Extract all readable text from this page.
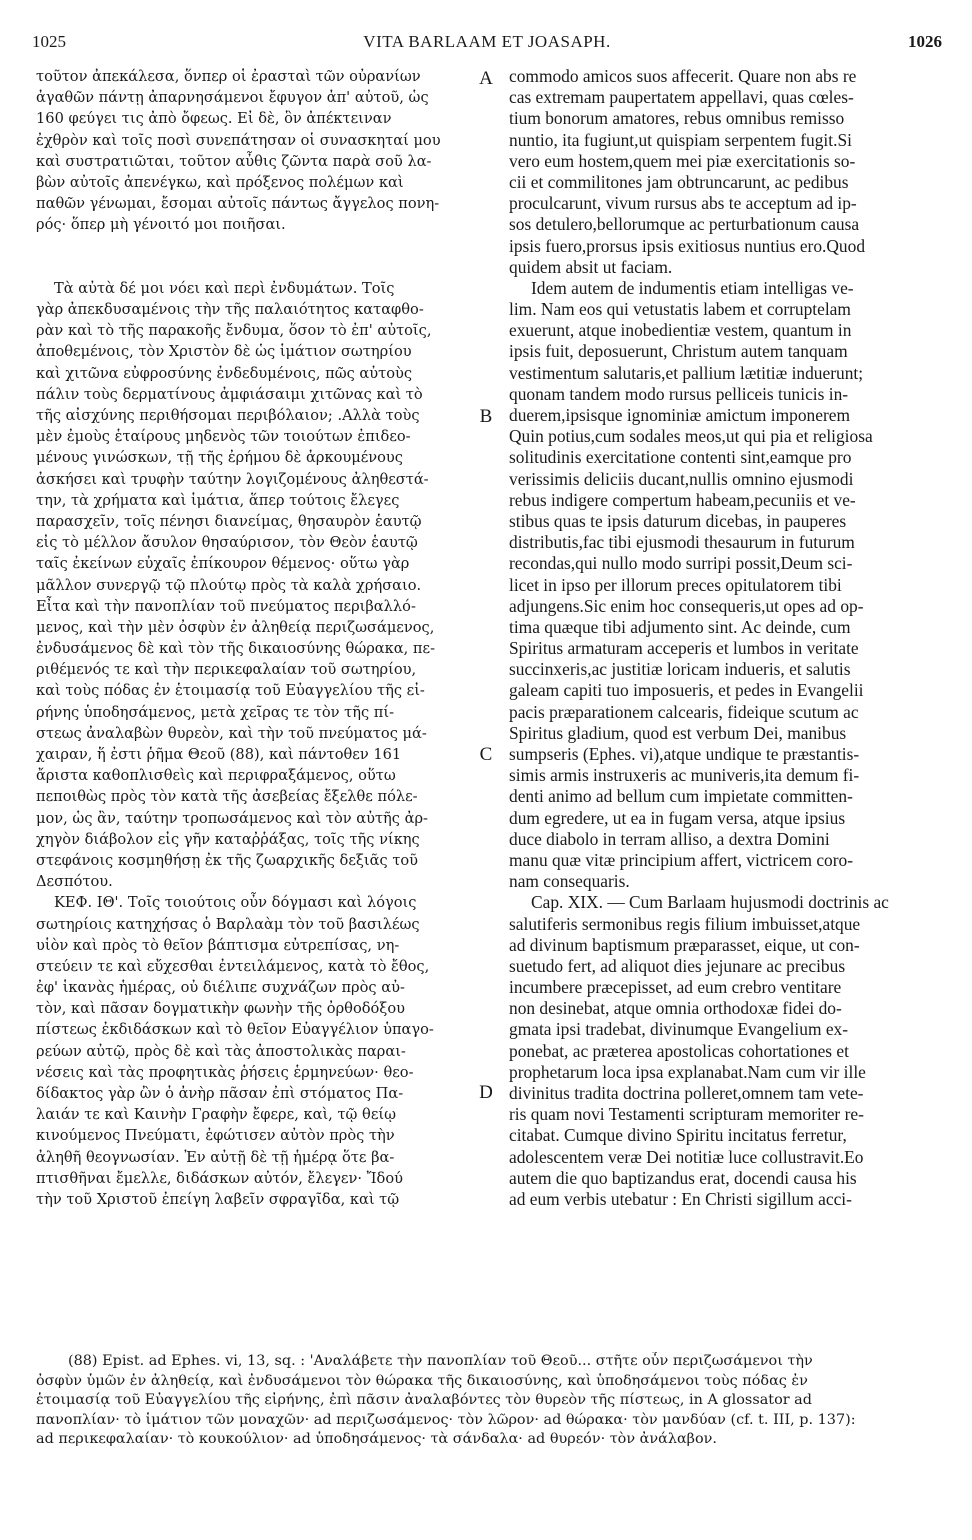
1025	VITA BARLAAM ET JOASAPH.	1026
τοῦτον ἀπεκάλεσα, ὅνπερ οἱ ἐρασταὶ τῶν οὐρανίων
ἀγαθῶν πάντῃ ἀπαρνησάμενοι ἔφυγον ἀπ' αὐτοῦ, ὡς
160 φεύγει τις ἀπὸ ὄφεως. Εἰ δὲ, ὃν ἀπέκτειναν
ἐχθρὸν καὶ τοῖς ποσὶ συνεπάτησαν οἱ συνασκηταί μου
καὶ συστρατιῶται, τοῦτον αὖθις ζῶντα παρὰ σοῦ λα-
βὼν αὐτοῖς ἀπενέγκω, καὶ πρόξενος πολέμων καὶ
παθῶν γένωμαι, ἔσομαι αὐτοῖς πάντως ἄγγελος πονη-
ρός· ὅπερ μὴ γένοιτό μοι ποιῆσαι.
Τὰ αὐτὰ δέ μοι νόει καὶ περὶ ἐνδυμάτων. Τοῖς
γὰρ ἀπεκδυσαμένοις τὴν τῆς παλαιότητος καταφθο-
ρὰν καὶ τὸ τῆς παρακοῆς ἔνδυμα, ὅσον τὸ ἐπ' αὐτοῖς,
ἀποθεμένοις, τὸν Χριστὸν δὲ ὡς ἱμάτιον σωτηρίου
καὶ χιτῶνα εὐφροσύνης ἐνδεδυμένοις, πῶς αὐτοὺς
πάλιν τοὺς δερματίνους ἀμφιάσαιμι χιτῶνας καὶ τὸ
τῆς αἰσχύνης περιθήσομαι περιβόλαιον; .Αλλὰ τοὺς
μὲν ἐμοὺς ἑταίρους μηδενὸς τῶν τοιούτων ἐπιδεο-
μένους γινώσκων, τῇ τῆς ἐρήμου δὲ ἀρκουμένους
ἀσκήσει καὶ τρυφὴν ταύτην λογιζομένους ἀληθεστά-
την, τὰ χρήματα καὶ ἱμάτια, ἅπερ τούτοις ἔλεγες
παρασχεῖν, τοῖς πένησι διανείμας, θησαυρὸν ἑαυτῷ
εἰς τὸ μέλλον ἄσυλον θησαύρισον, τὸν Θεὸν ἑαυτῷ
ταῖς ἐκείνων εὐχαῖς ἐπίκουρον θέμενος· οὕτω γὰρ
μᾶλλον συνεργῷ τῷ πλούτῳ πρὸς τὰ καλὰ χρήσαιο.
Εἶτα καὶ τὴν πανοπλίαν τοῦ πνεύματος περιβαλλό-
μενος, καὶ τὴν μὲν ὀσφὺν ἐν ἀληθείᾳ περιζωσάμενος,
ἐνδυσάμενος δὲ καὶ τὸν τῆς δικαιοσύνης θώρακα, πε-
ριθέμενός τε καὶ τὴν περικεφαλαίαν τοῦ σωτηρίου,
καὶ τοὺς πόδας ἐν ἑτοιμασίᾳ τοῦ Εὐαγγελίου τῆς εἰ-
ρήνης ὑποδησάμενος, μετὰ χεῖρας τε τὸν τῆς πί-
στεως ἀναλαβὼν θυρεὸν, καὶ τὴν τοῦ πνεύματος μά-
χαιραν, ἥ ἐστι ῥῆμα Θεοῦ (88), καὶ πάντοθεν 161
ἄριστα καθοπλισθεὶς καὶ περιφραξάμενος, οὕτω
πεποιθὼς πρὸς τὸν κατὰ τῆς ἀσεβείας ἔξελθε πόλε-
μον, ὡς ἂν, ταύτην τροπωσάμενος καὶ τὸν αὐτῆς ἀρ-
χηγὸν διάβολον εἰς γῆν καταῤῥάξας, τοῖς τῆς νίκης
στεφάνοις κοσμηθήσῃ ἐκ τῆς ζωαρχικῆς δεξιᾶς τοῦ
Δεσπότου.
ΚΕΦ. ΙΘ'. Τοῖς τοιούτοις οὖν δόγμασι καὶ λόγοις
σωτηρίοις κατηχήσας ὁ Βαρλαὰμ τὸν τοῦ βασιλέως
υἱὸν καὶ πρὸς τὸ θεῖον βάπτισμα εὐτρεπίσας, νη-
στεύειν τε καὶ εὔχεσθαι ἐντειλάμενος, κατὰ τὸ ἔθος,
ἐφ' ἱκανὰς ἡμέρας, οὐ διέλιπε συχνάζων πρὸς αὐ-
τὸν, καὶ πᾶσαν δογματικὴν φωνὴν τῆς ὀρθοδόξου
πίστεως ἐκδιδάσκων καὶ τὸ θεῖον Εὐαγγέλιον ὑπαγο-
ρεύων αὐτῷ, πρὸς δὲ καὶ τὰς ἀποστολικὰς παραι-
νέσεις καὶ τὰς προφητικὰς ῥήσεις ἑρμηνεύων· θεο-
δίδακτος γὰρ ὢν ὁ ἀνὴρ πᾶσαν ἐπὶ στόματος Πα-
λαιάν τε καὶ Καινὴν Γραφὴν ἔφερε, καὶ, τῷ θείῳ
κινούμενος Πνεύματι, ἐφώτισεν αὐτὸν πρὸς τὴν
ἀληθῆ θεογνωσίαν. Ἐν αὐτῇ δὲ τῇ ἡμέρᾳ ὅτε βα-
πτισθῆναι ἔμελλε, διδάσκων αὐτόν, ἔλεγεν· Ἴδού
τὴν τοῦ Χριστοῦ ἐπείγη λαβεῖν σφραγῖδα, καὶ τῷ
commodo amicos suos affecerit. Quare non abs re
cas extremam paupertatem appellavi, quas cœles-
tium bonorum amatores, rebus omnibus remisso
nuntio, ita fugiunt,ut quispiam serpentem fugit.Si
vero eum hostem,quem mei piæ exercitationis so-
cii et commilitones jam obtruncarunt, ac pedibus
proculcarunt, vivum rursus abs te acceptum ad ip-
sos detulero,bellorumque ac perturbationum causa
ipsis fuero,prorsus ipsis exitiosus nuntius ero.Quod
quidem absit ut faciam.
Idem autem de indumentis etiam intelligas ve-
lim. Nam eos qui vetustatis labem et corruptelam
exuerunt, atque inobedientiæ vestem, quantum in
ipsis fuit, deposuerunt, Christum autem tanquam
vestimentum salutaris,et pallium lætitiæ induerunt;
quonam tandem modo rursus pelliceis tunicis in-
duerem,ipsisque ignominiæ amictum imponerem
Quin potius,cum sodales meos,ut qui pia et religiosa
solitudinis exercitatione contenti sint,eamque pro
verissimis deliciis ducant,nullis omnino ejusmodi
rebus indigere compertum habeam,pecuniis et ve-
stibus quas te ipsis daturum dicebas, in pauperes
distributis,fac tibi ejusmodi thesaurum in futurum
recondas,qui nullo modo surripi possit,Deum sci-
licet in ipso per illorum preces opitulatorem tibi
adjungens.Sic enim hoc consequeris,ut opes ad op-
tima quæque tibi adjumento sint. Ac deinde, cum
Spiritus armaturam acceperis et lumbos in veritate
succinxeris,ac justitiæ loricam indueris, et salutis
galeam capiti tuo imposueris, et pedes in Evangelii
pacis præparationem calcearis, fideique scutum ac
Spiritus gladium, quod est verbum Dei, manibus
sumpseris (Ephes. vi),atque undique te præstantis-
simis armis instruxeris ac muniveris,ita demum fi-
denti animo ad bellum cum impietate committen-
dum egredere, ut ea in fugam versa, atque ipsius
duce diabolo in terram alliso, a dextra Domini
manu quæ vitæ principium affert, victricem coro-
nam consequaris.
Cap. XIX. — Cum Barlaam hujusmodi doctrinis ac
salutiferis sermonibus regis filium imbuisset,atque
ad divinum baptismum præparasset, eique, ut con-
suetudo fert, ad aliquot dies jejunare ac precibus
incumbere præcepisset, ad eum crebro ventitare
non desinebat, atque omnia orthodoxæ fidei do-
gmata ipsi tradebat, divinumque Evangelium ex-
ponebat, ac præterea apostolicas cohortationes et
prophetarum loca ipsa explanabat.Nam cum vir ille
divinitus tradita doctrina polleret,omnem tam vete-
ris quam novi Testamenti scripturam memoriter re-
citabat. Cumque divino Spiritu incitatus ferretur,
adolescentem veræ Dei notitiæ luce collustravit.Eo
autem die quo baptizandus erat, docendi causa his
ad eum verbis utebatur : En Christi sigillum acci-
A
B
C
D
(88) Epist. ad Ephes. vi, 13, sq. : 'Αναλάβετε τὴν πανοπλίαν τοῦ Θεοῦ... στῆτε οὖν περιζωσάμενοι τὴν
ὀσφὺν ὑμῶν ἐν ἀληθείᾳ, καὶ ἐνδυσάμενοι τὸν θώρακα τῆς δικαιοσύνης, καὶ ὑποδησάμενοι τοὺς πόδας ἐν
ἑτοιμασίᾳ τοῦ Εὐαγγελίου τῆς εἰρήνης, ἐπὶ πᾶσιν ἀναλαβόντες τὸν θυρεὸν τῆς πίστεως, in A glossator ad
πανοπλίαν· τὸ ἱμάτιον τῶν μοναχῶν· ad περιζωσάμενος· τὸν λῶρον· ad θώρακα· τὸν μανδύαν (cf. t. III, p. 137):
ad περικεφαλαίαν· τὸ κουκούλιον· ad ὑποδησάμενος· τὰ σάνδαλα· ad θυρεόν· τὸν ἀνάλαβον.
